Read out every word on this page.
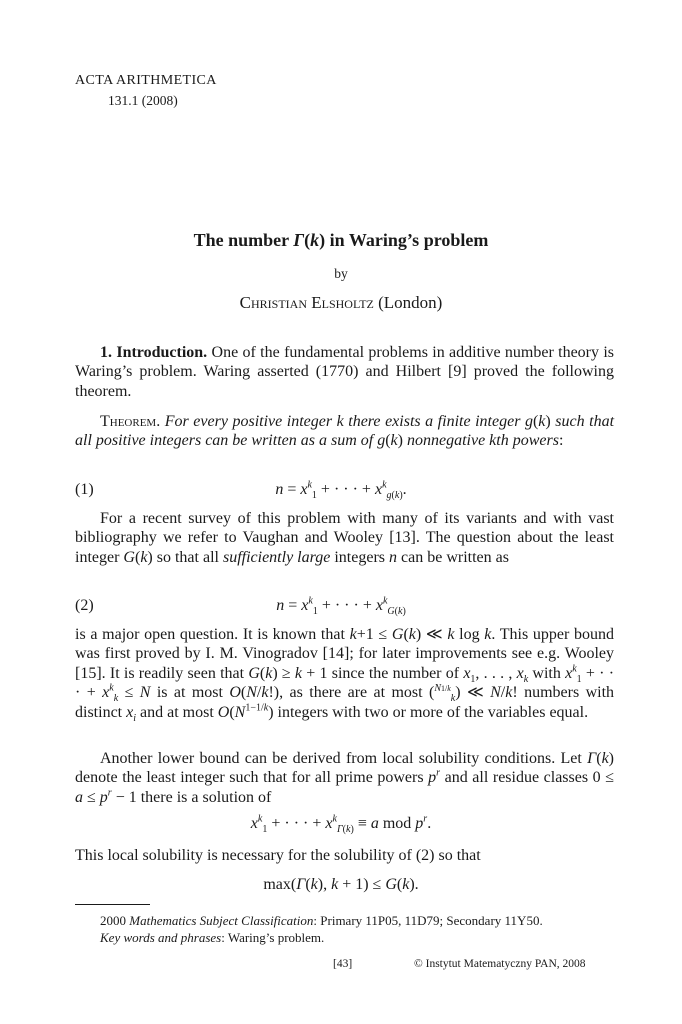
ACTA ARITHMETICA
131.1 (2008)
The number Γ(k) in Waring’s problem
by
Christian Elsholtz (London)
1. Introduction. One of the fundamental problems in additive number theory is Waring’s problem. Waring asserted (1770) and Hilbert [9] proved the following theorem.
Theorem. For every positive integer k there exists a finite integer g(k) such that all positive integers can be written as a sum of g(k) nonnegative kth powers:
(1)	$n = x^k_1$ + · · · + $x^k_{g(k)}$.
For a recent survey of this problem with many of its variants and with vast bibliography we refer to Vaughan and Wooley [13]. The question about the least integer G(k) so that all sufficiently large integers n can be written as
(2)	$n = x^k_1$ + · · · + $x^k_{G(k)}$
is a major open question. It is known that k+1 ≤ G(k) ≪ k log k. This upper bound was first proved by I. M. Vinogradov [14]; for later improvements see e.g. Wooley [15]. It is readily seen that G(k) ≥ k + 1 since the number of $x_1$, . . . , $x_k$ with $x^k_1$ + · · · + $x^k_k \le N$ is at most O(N/k!), as there are at most ($^{N1/k}_k$) ≪ N/k! numbers with distinct $x_i$ and at most $O(N^{1-1/k})$ integers with two or more of the variables equal.
Another lower bound can be derived from local solubility conditions. Let Γ(k) denote the least integer such that for all prime powers $p^r$ and all residue classes $0 \le a \le p^r - 1$ there is a solution of
$x^k_1$ + · · · + $x^k_{\Gamma(k)} \equiv a$ mod $p^r$.
This local solubility is necessary for the solubility of (2) so that
max(Γ(k), k + 1) ≤ G(k).
2000 Mathematics Subject Classification: Primary 11P05, 11D79; Secondary 11Y50.
Key words and phrases: Waring’s problem.
[43]	© Instytut Matematyczny PAN, 2008
